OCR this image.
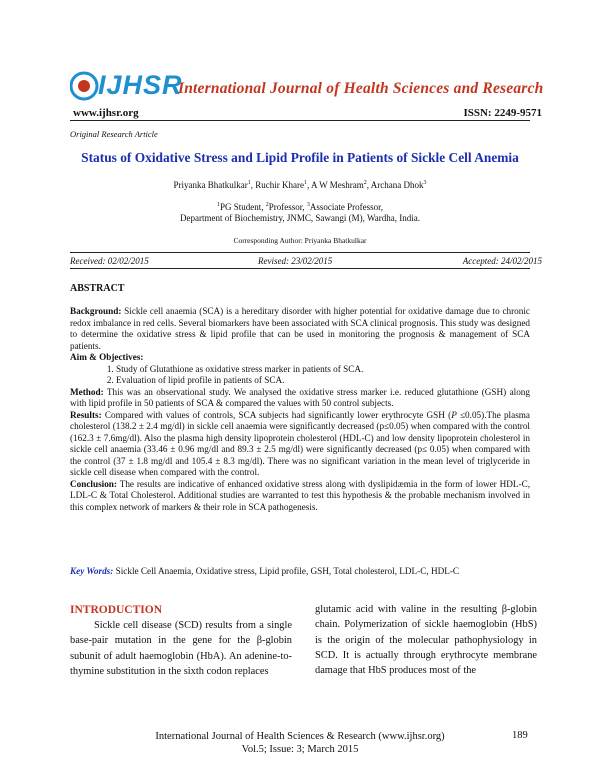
IJHSR
International Journal of Health Sciences and Research
www.ijhsr.org	ISSN: 2249-9571
Original Research Article
Status of Oxidative Stress and Lipid Profile in Patients of Sickle Cell Anemia
Priyanka Bhatkulkar$^1$, Ruchir Khare$^1$, A W Meshram$^2$, Archana Dhok$^3$
$^1$PG Student, $^2$Professor, $^3$Associate Professor,
Department of Biochemistry, JNMC, Sawangi (M), Wardha, India.
Corresponding Author: Priyanka Bhatkulkar
Received: 02/02/2015	Revised: 23/02/2015	Accepted: 24/02/2015
ABSTRACT
Background: Sickle cell anaemia (SCA) is a hereditary disorder with higher potential for oxidative damage due to chronic redox imbalance in red cells. Several biomarkers have been associated with SCA clinical prognosis. This study was designed to determine the oxidative stress & lipid profile that can be used in monitoring the prognosis & management of SCA patients.
Aim & Objectives:
1. Study of Glutathione as oxidative stress marker in patients of SCA.
2. Evaluation of lipid profile in patients of SCA.
Method: This was an observational study. We analysed the oxidative stress marker i.e. reduced glutathione (GSH) along with lipid profile in 50 patients of SCA & compared the values with 50 control subjects.
Results: Compared with values of controls, SCA subjects had significantly lower erythrocyte GSH (P ≤0.05).The plasma cholesterol (138.2 ± 2.4 mg/dl) in sickle cell anaemia were significantly decreased (p≤0.05) when compared with the control (162.3 ± 7.6mg/dl). Also the plasma high density lipoprotein cholesterol (HDL-C) and low density lipoprotein cholesterol in sickle cell anaemia (33.46 ± 0.96 mg/dl and 89.3 ± 2.5 mg/dl) were significantly decreased (p≤ 0.05) when compared with the control (37 ± 1.8 mg/dl and 105.4 ± 8.3 mg/dl). There was no significant variation in the mean level of triglyceride in sickle cell disease when compared with the control.
Conclusion: The results are indicative of enhanced oxidative stress along with dyslipidæmia in the form of lower HDL-C, LDL-C & Total Cholesterol. Additional studies are warranted to test this hypothesis & the probable mechanism involved in this complex network of markers & their role in SCA pathogenesis.
Key Words: Sickle Cell Anaemia, Oxidative stress, Lipid profile, GSH, Total cholesterol, LDL-C, HDL-C
INTRODUCTION
Sickle cell disease (SCD) results from a single base-pair mutation in the gene for the β-globin subunit of adult haemoglobin (HbA). An adenine-to-thymine substitution in the sixth codon replaces
glutamic acid with valine in the resulting β-globin chain. Polymerization of sickle haemoglobin (HbS) is the origin of the molecular pathophysiology in SCD. It is actually through erythrocyte membrane damage that HbS produces most of the
International Journal of Health Sciences & Research (www.ijhsr.org)
Vol.5; Issue: 3; March 2015
189
